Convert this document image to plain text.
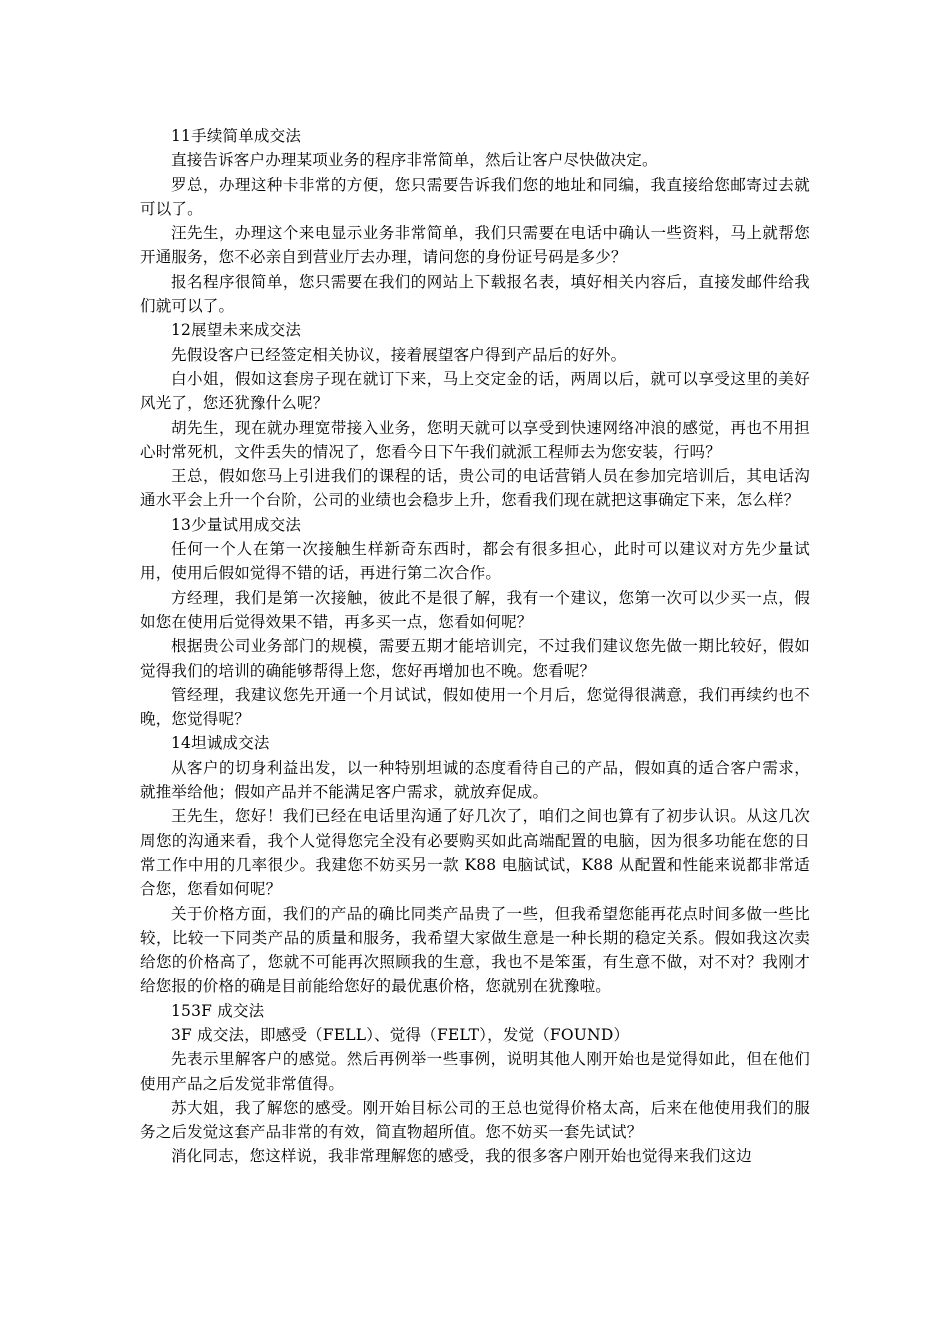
11手续简单成交法

直接告诉客户办理某项业务的程序非常简单，然后让客户尽快做决定。

罗总，办理这种卡非常的方便，您只需要告诉我们您的地址和同编，我直接给您邮寄过去就可以了。

汪先生，办理这个来电显示业务非常简单，我们只需要在电话中确认一些资料，马上就帮您开通服务，您不必亲自到营业厅去办理，请问您的身份证号码是多少？

报名程序很简单，您只需要在我们的网站上下载报名表，填好相关内容后，直接发邮件给我们就可以了。

12展望未来成交法

先假设客户已经签定相关协议，接着展望客户得到产品后的好外。

白小姐，假如这套房子现在就订下来，马上交定金的话，两周以后，就可以享受这里的美好风光了，您还犹豫什么呢？

胡先生，现在就办理宽带接入业务，您明天就可以享受到快速网络冲浪的感觉，再也不用担心时常死机，文件丢失的情况了，您看今日下午我们就派工程师去为您安装，行吗？

王总，假如您马上引进我们的课程的话，贵公司的电话营销人员在参加完培训后，其电话沟通水平会上升一个台阶，公司的业绩也会稳步上升，您看我们现在就把这事确定下来，怎么样？

13少量试用成交法

任何一个人在第一次接触生样新奇东西时，都会有很多担心，此时可以建议对方先少量试用，使用后假如觉得不错的话，再进行第二次合作。

方经理，我们是第一次接触，彼此不是很了解，我有一个建议，您第一次可以少买一点，假如您在使用后觉得效果不错，再多买一点，您看如何呢？

根据贵公司业务部门的规模，需要五期才能培训完，不过我们建议您先做一期比较好，假如觉得我们的培训的确能够帮得上您，您好再增加也不晚。您看呢？

管经理，我建议您先开通一个月试试，假如使用一个月后，您觉得很满意，我们再续约也不晚，您觉得呢？

14坦诚成交法

从客户的切身利益出发，以一种特别坦诚的态度看待自己的产品，假如真的适合客户需求，就推举给他；假如产品并不能满足客户需求，就放弃促成。

王先生，您好！我们已经在电话里沟通了好几次了，咱们之间也算有了初步认识。从这几次周您的沟通来看，我个人觉得您完全没有必要购买如此高端配置的电脑，因为很多功能在您的日常工作中用的几率很少。我建您不妨买另一款 K88 电脑试试，K88 从配置和性能来说都非常适合您，您看如何呢？

关于价格方面，我们的产品的确比同类产品贵了一些，但我希望您能再花点时间多做一些比较，比较一下同类产品的质量和服务，我希望大家做生意是一种长期的稳定关系。假如我这次卖给您的价格高了，您就不可能再次照顾我的生意，我也不是笨蛋，有生意不做，对不对？我刚才给您报的价格的确是目前能给您好的最优惠价格，您就别在犹豫啦。

153F 成交法

3F 成交法，即感受（FELL）、觉得（FELT），发觉（FOUND）

先表示里解客户的感觉。然后再例举一些事例，说明其他人刚开始也是觉得如此，但在他们使用产品之后发觉非常值得。

苏大姐，我了解您的感受。刚开始目标公司的王总也觉得价格太高，后来在他使用我们的服务之后发觉这套产品非常的有效，简直物超所值。您不妨买一套先试试？

消化同志，您这样说，我非常理解您的感受，我的很多客户刚开始也觉得来我们这边
